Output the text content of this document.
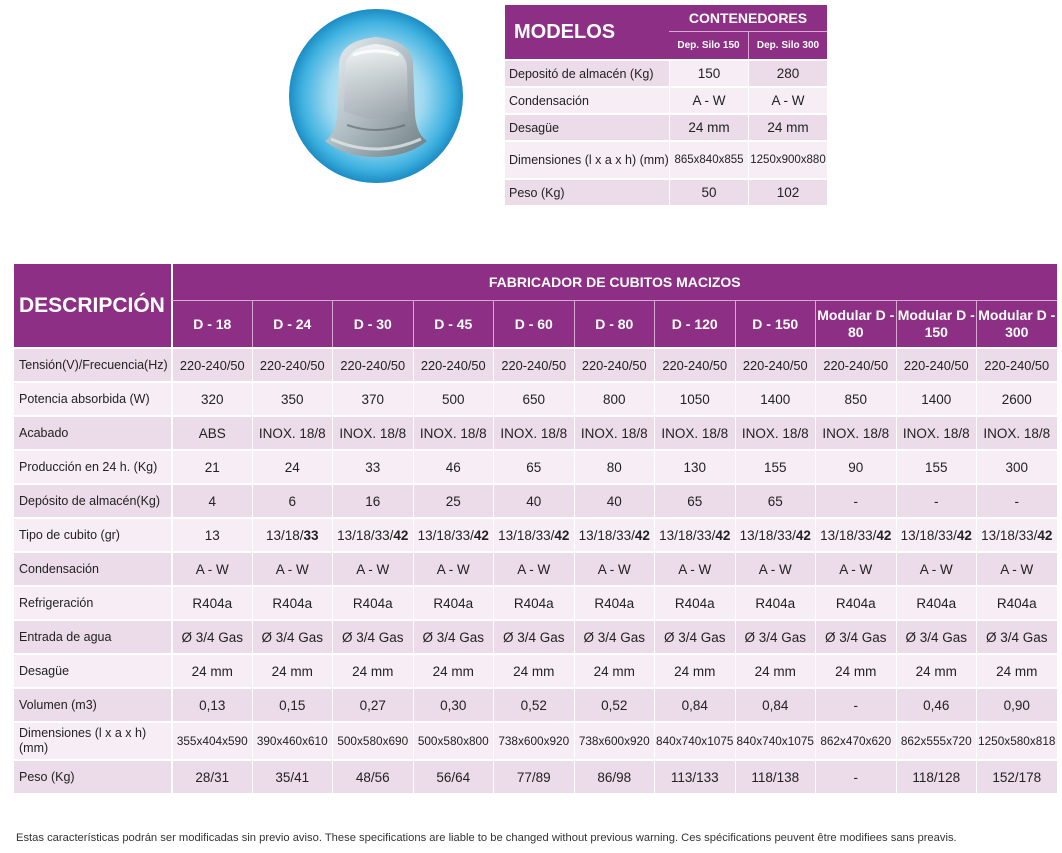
MODELOS	CONTENEDORES	
	Dep. Silo 150	Dep. Silo 300
Depositó de almacén (Kg)	150	280
Condensación	A - W	A - W
Desagüe	24 mm	24 mm
Dimensiones (l x a x h) (mm)	865x840x855	1250x900x880
Peso (Kg)	50	102
DESCRIPCIÓN	FABRICADOR DE CUBITOS MACIZOS										
	D - 18	D - 24	D - 30	D - 45	D - 60	D - 80	D - 120	D - 150	Modular D - 80	Modular D - 150	Modular D - 300
Tensión(V)/Frecuencia(Hz)	220-240/50	220-240/50	220-240/50	220-240/50	220-240/50	220-240/50	220-240/50	220-240/50	220-240/50	220-240/50	220-240/50
Potencia absorbida (W)	320	350	370	500	650	800	1050	1400	850	1400	2600
Acabado	ABS	INOX. 18/8	INOX. 18/8	INOX. 18/8	INOX. 18/8	INOX. 18/8	INOX. 18/8	INOX. 18/8	INOX. 18/8	INOX. 18/8	INOX. 18/8
Producción en 24 h. (Kg)	21	24	33	46	65	80	130	155	90	155	300
Depósito de almacén(Kg)	4	6	16	25	40	40	65	65	-	-	-
Tipo de cubito (gr)	13	13/18/33	13/18/33/42	13/18/33/42	13/18/33/42	13/18/33/42	13/18/33/42	13/18/33/42	13/18/33/42	13/18/33/42	13/18/33/42
Condensación	A - W	A - W	A - W	A - W	A - W	A - W	A - W	A - W	A - W	A - W	A - W
Refrigeración	R404a	R404a	R404a	R404a	R404a	R404a	R404a	R404a	R404a	R404a	R404a
Entrada de agua	Ø 3/4 Gas	Ø 3/4 Gas	Ø 3/4 Gas	Ø 3/4 Gas	Ø 3/4 Gas	Ø 3/4 Gas	Ø 3/4 Gas	Ø 3/4 Gas	Ø 3/4 Gas	Ø 3/4 Gas	Ø 3/4 Gas
Desagüe	24 mm	24 mm	24 mm	24 mm	24 mm	24 mm	24 mm	24 mm	24 mm	24 mm	24 mm
Volumen (m3)	0,13	0,15	0,27	0,30	0,52	0,52	0,84	0,84	-	0,46	0,90
Dimensiones (l x a x h) (mm)	355x404x590	390x460x610	500x580x690	500x580x800	738x600x920	738x600x920	840x740x1075	840x740x1075	862x470x620	862x555x720	1250x580x818
Peso (Kg)	28/31	35/41	48/56	56/64	77/89	86/98	113/133	118/138	-	118/128	152/178
Estas características podrán ser modificadas sin previo aviso. These specifications are liable to be changed without previous warning. Ces spécifications peuvent être modifiees sans preavis.
